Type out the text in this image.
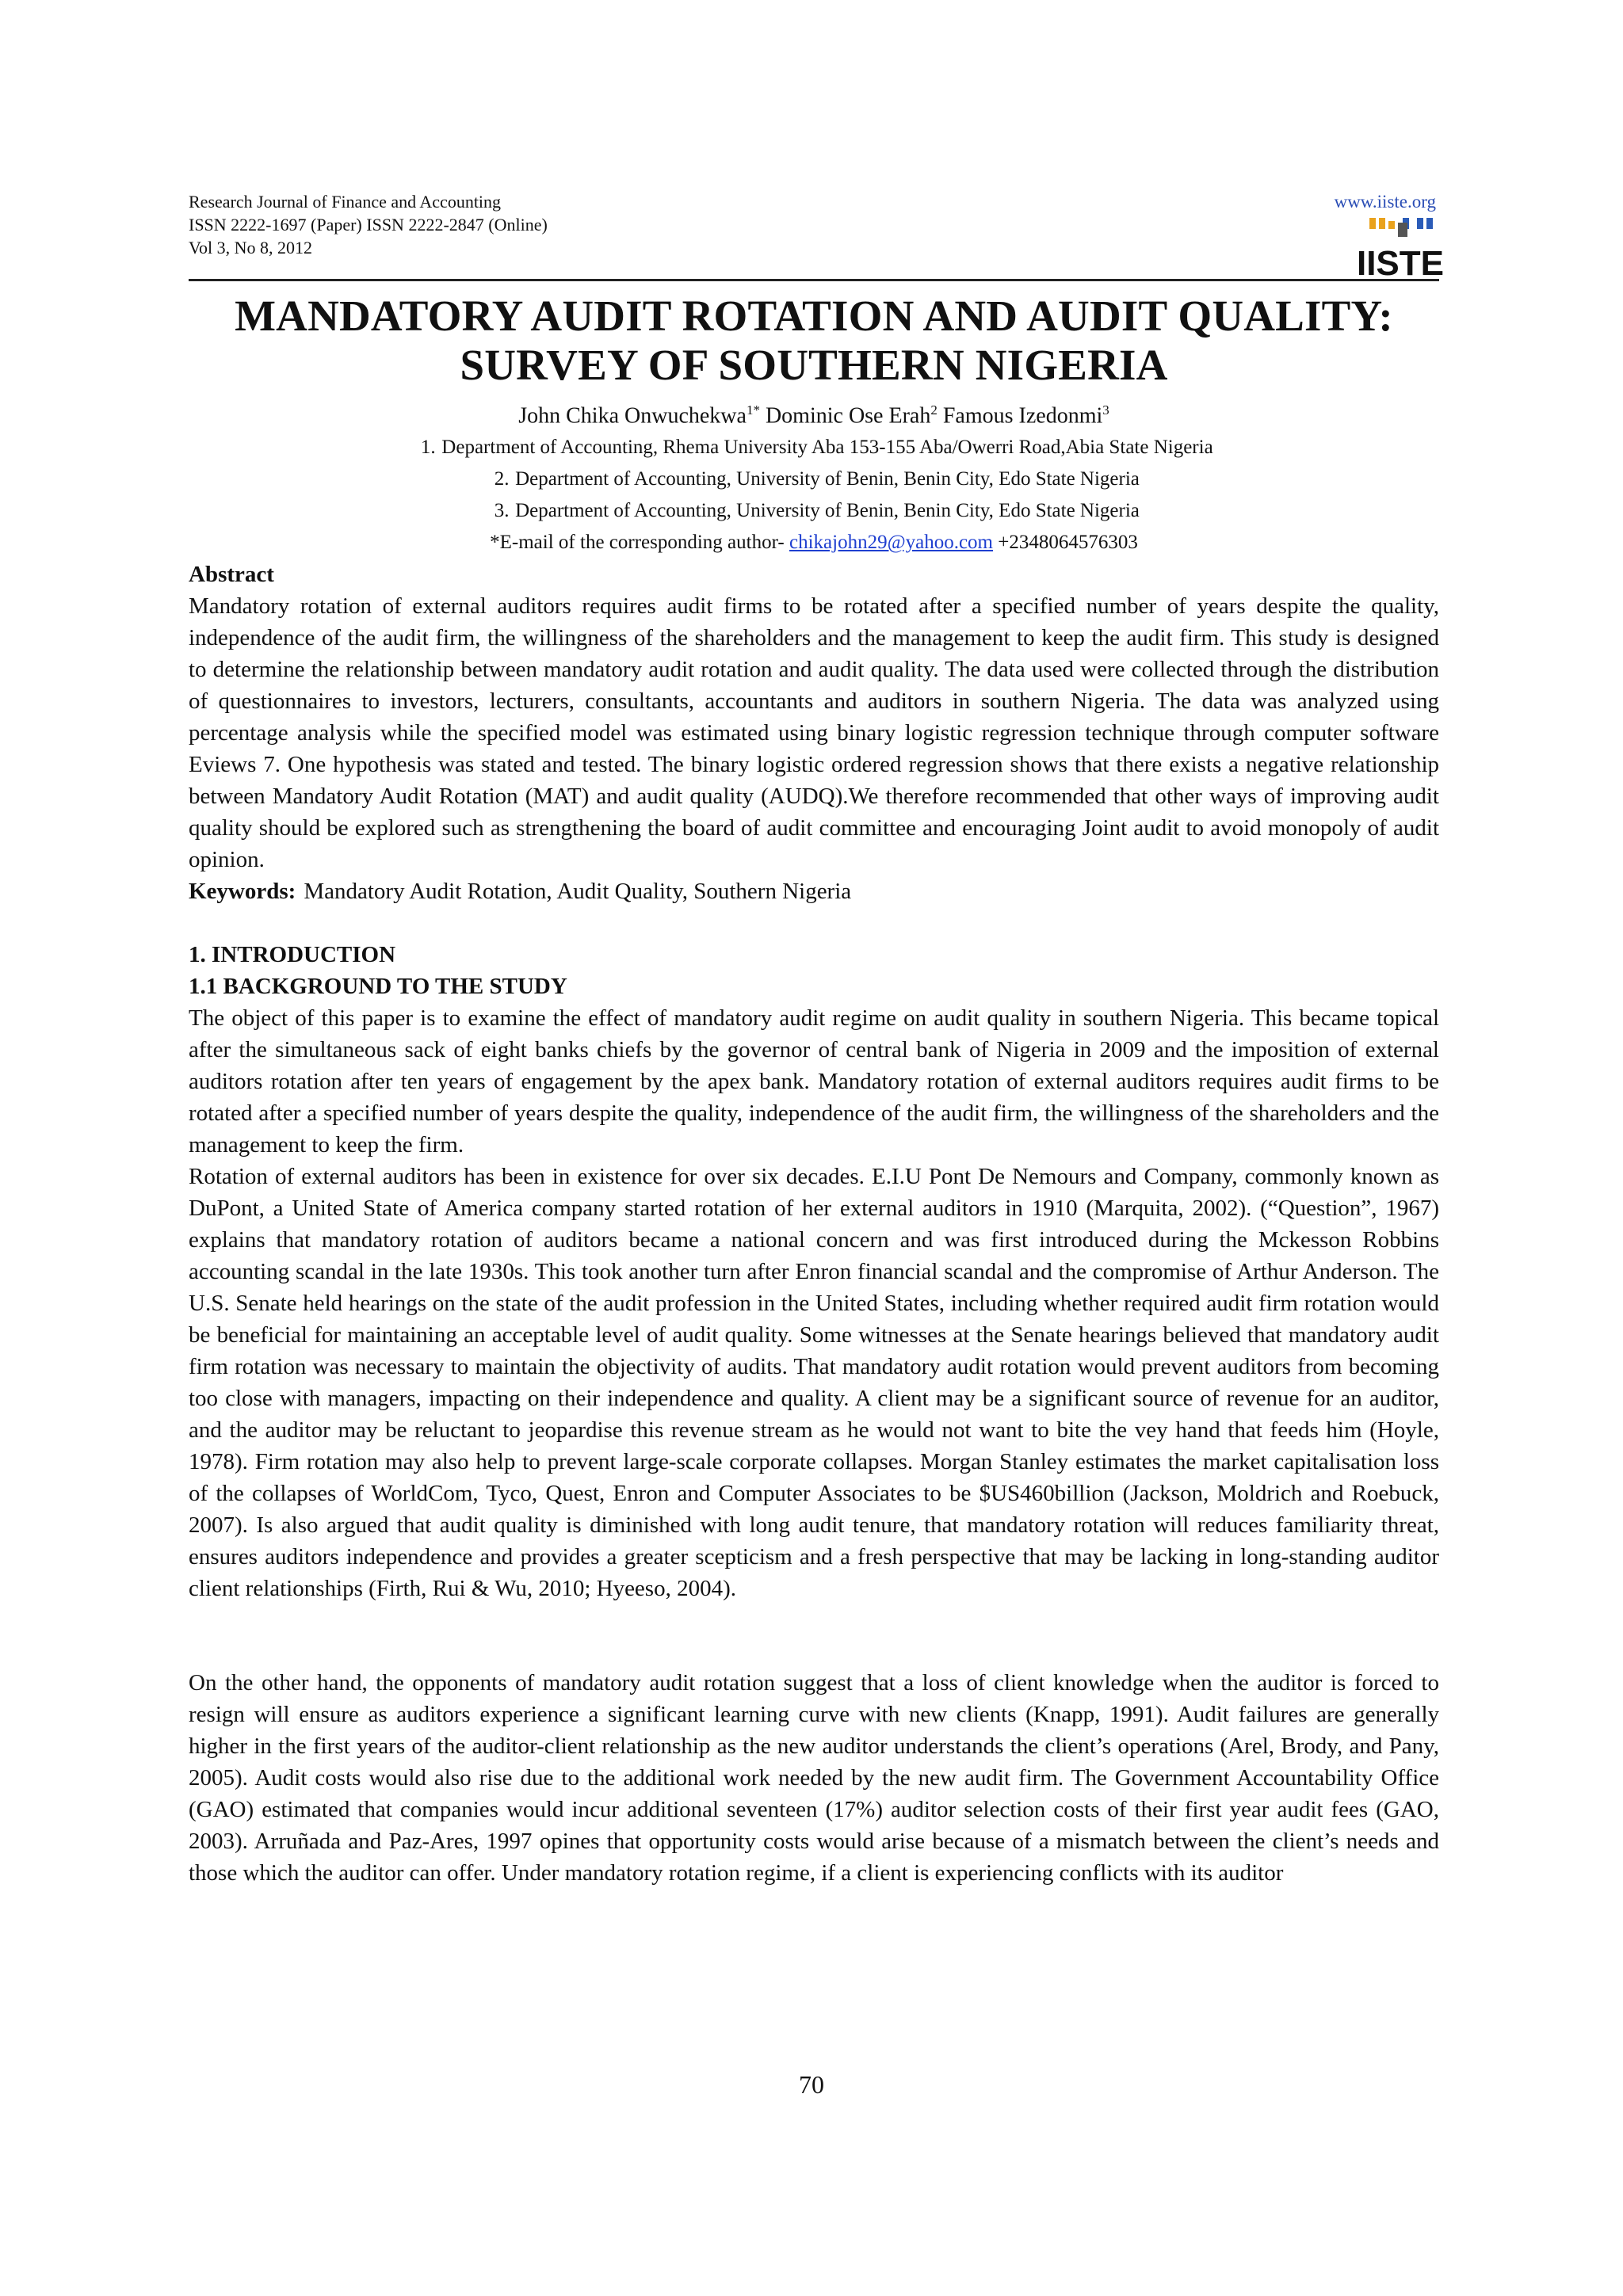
Research Journal of Finance and Accounting
ISSN 2222-1697 (Paper) ISSN 2222-2847 (Online)
Vol 3, No 8, 2012
www.iiste.org
IISTE
MANDATORY AUDIT ROTATION AND AUDIT QUALITY:
SURVEY OF SOUTHERN NIGERIA
John Chika Onwuchekwa$^{1*}$ Dominic Ose Erah$^2$ Famous Izedonmi$^3$
1. Department of Accounting, Rhema University Aba 153-155 Aba/Owerri Road,Abia State Nigeria
2. Department of Accounting, University of Benin, Benin City, Edo State Nigeria
3. Department of Accounting, University of Benin, Benin City, Edo State Nigeria
*E-mail of the corresponding author- chikajohn29@yahoo.com +2348064576303
Abstract

Mandatory rotation of external auditors requires audit firms to be rotated after a specified number of years despite the quality, independence of the audit firm, the willingness of the shareholders and the management to keep the audit firm. This study is designed to determine the relationship between mandatory audit rotation and audit quality. The data used were collected through the distribution of questionnaires to investors, lecturers, consultants, accountants and auditors in southern Nigeria. The data was analyzed using percentage analysis while the specified model was estimated using binary logistic regression technique through computer software Eviews 7. One hypothesis was stated and tested. The binary logistic ordered regression shows that there exists a negative relationship between Mandatory Audit Rotation (MAT) and audit quality (AUDQ).We therefore recommended that other ways of improving audit quality should be explored such as strengthening the board of audit committee and encouraging Joint audit to avoid monopoly of audit opinion.

Keywords: Mandatory Audit Rotation, Audit Quality, Southern Nigeria
1. INTRODUCTION
1.1 BACKGROUND TO THE STUDY

The object of this paper is to examine the effect of mandatory audit regime on audit quality in southern Nigeria. This became topical after the simultaneous sack of eight banks chiefs by the governor of central bank of Nigeria in 2009 and the imposition of external auditors rotation after ten years of engagement by the apex bank. Mandatory rotation of external auditors requires audit firms to be rotated after a specified number of years despite the quality, independence of the audit firm, the willingness of the shareholders and the management to keep the firm.

Rotation of external auditors has been in existence for over six decades. E.I.U Pont De Nemours and Company, commonly known as DuPont, a United State of America company started rotation of her external auditors in 1910 (Marquita, 2002). (“Question”, 1967) explains that mandatory rotation of auditors became a national concern and was first introduced during the Mckesson Robbins accounting scandal in the late 1930s. This took another turn after Enron financial scandal and the compromise of Arthur Anderson. The U.S. Senate held hearings on the state of the audit profession in the United States, including whether required audit firm rotation would be beneficial for maintaining an acceptable level of audit quality. Some witnesses at the Senate hearings believed that mandatory audit firm rotation was necessary to maintain the objectivity of audits. That mandatory audit rotation would prevent auditors from becoming too close with managers, impacting on their independence and quality. A client may be a significant source of revenue for an auditor, and the auditor may be reluctant to jeopardise this revenue stream as he would not want to bite the vey hand that feeds him (Hoyle, 1978). Firm rotation may also help to prevent large-scale corporate collapses. Morgan Stanley estimates the market capitalisation loss of the collapses of WorldCom, Tyco, Quest, Enron and Computer Associates to be $US460billion (Jackson, Moldrich and Roebuck, 2007). Is also argued that audit quality is diminished with long audit tenure, that mandatory rotation will reduces familiarity threat, ensures auditors independence and provides a greater scepticism and a fresh perspective that may be lacking in long-standing auditor client relationships (Firth, Rui & Wu, 2010; Hyeeso, 2004).

On the other hand, the opponents of mandatory audit rotation suggest that a loss of client knowledge when the auditor is forced to resign will ensure as auditors experience a significant learning curve with new clients (Knapp, 1991). Audit failures are generally higher in the first years of the auditor-client relationship as the new auditor understands the client’s operations (Arel, Brody, and Pany, 2005). Audit costs would also rise due to the additional work needed by the new audit firm. The Government Accountability Office (GAO) estimated that companies would incur additional seventeen (17%) auditor selection costs of their first year audit fees (GAO, 2003). Arruñada and Paz-Ares, 1997 opines that opportunity costs would arise because of a mismatch between the client’s needs and those which the auditor can offer. Under mandatory rotation regime, if a client is experiencing conflicts with its auditor

70
